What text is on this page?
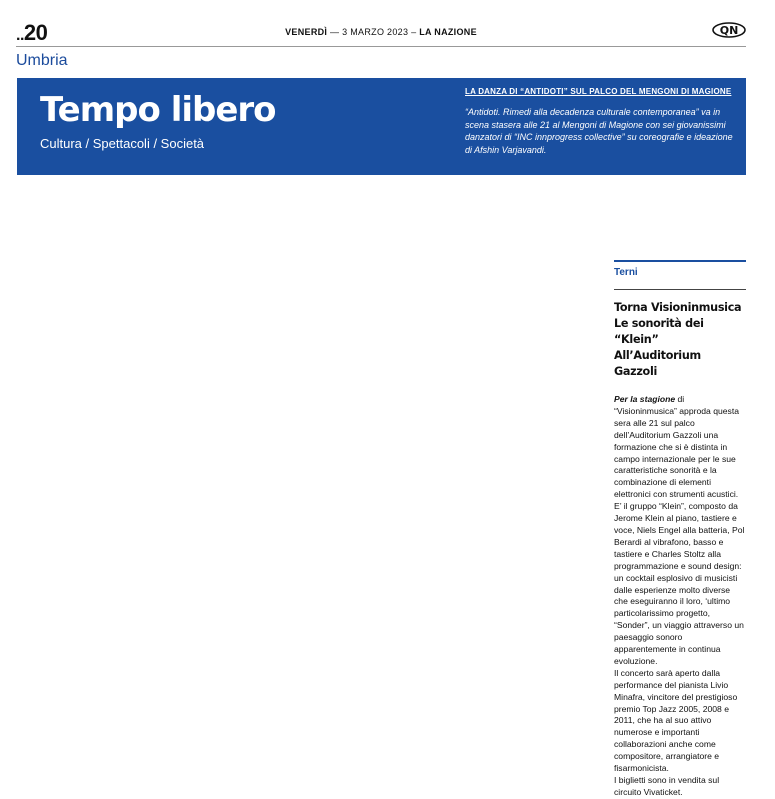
..20	VENERDÌ — 3 MARZO 2023 – LA NAZIONE	QN
Umbria
Tempo libero
Cultura / Spettacoli / Società
LA DANZA DI “ANTIDOTI” SUL PALCO DEL MENGONI DI MAGIONE
“Antidoti. Rimedi alla decadenza culturale contemporanea” va in scena stasera alle 21 al Mengoni di Magione con sei giovanissimi danzatori di “INC innprogress collective” su coreografie e ideazione di Afshin Varjavandi.
Terni
Torna Visioninmusica
Le sonorità dei “Klein”
All’Auditorium Gazzoli

Per la stagione di “Visioninmusica” approda questa sera alle 21 sul palco dell’Auditorium Gazzoli una formazione che si è distinta in campo internazionale per le sue caratteristiche sonorità e la combinazione di elementi elettronici con strumenti acustici. E’ il gruppo “Klein”, composto da Jerome Klein al piano, tastiere e voce, Niels Engel alla batteria, Pol Berardi al vibrafono, basso e tastiere e Charles Stoltz alla programmazione e sound design: un cocktail esplosivo di musicisti dalle esperienze molto diverse che eseguiranno il loro, ‘ultimo particolarissimo progetto, “Sonder”, un viaggio attraverso un paesaggio sonoro apparentemente in continua evoluzione.

Il concerto sarà aperto dalla performance del pianista Livio Minafra, vincitore del prestigioso premio Top Jazz 2005, 2008 e 2011, che ha al suo attivo numerose e importanti collaborazioni anche come compositore, arrangiatore e fisarmonicista.

I biglietti sono in vendita sul circuito Vivaticket.
